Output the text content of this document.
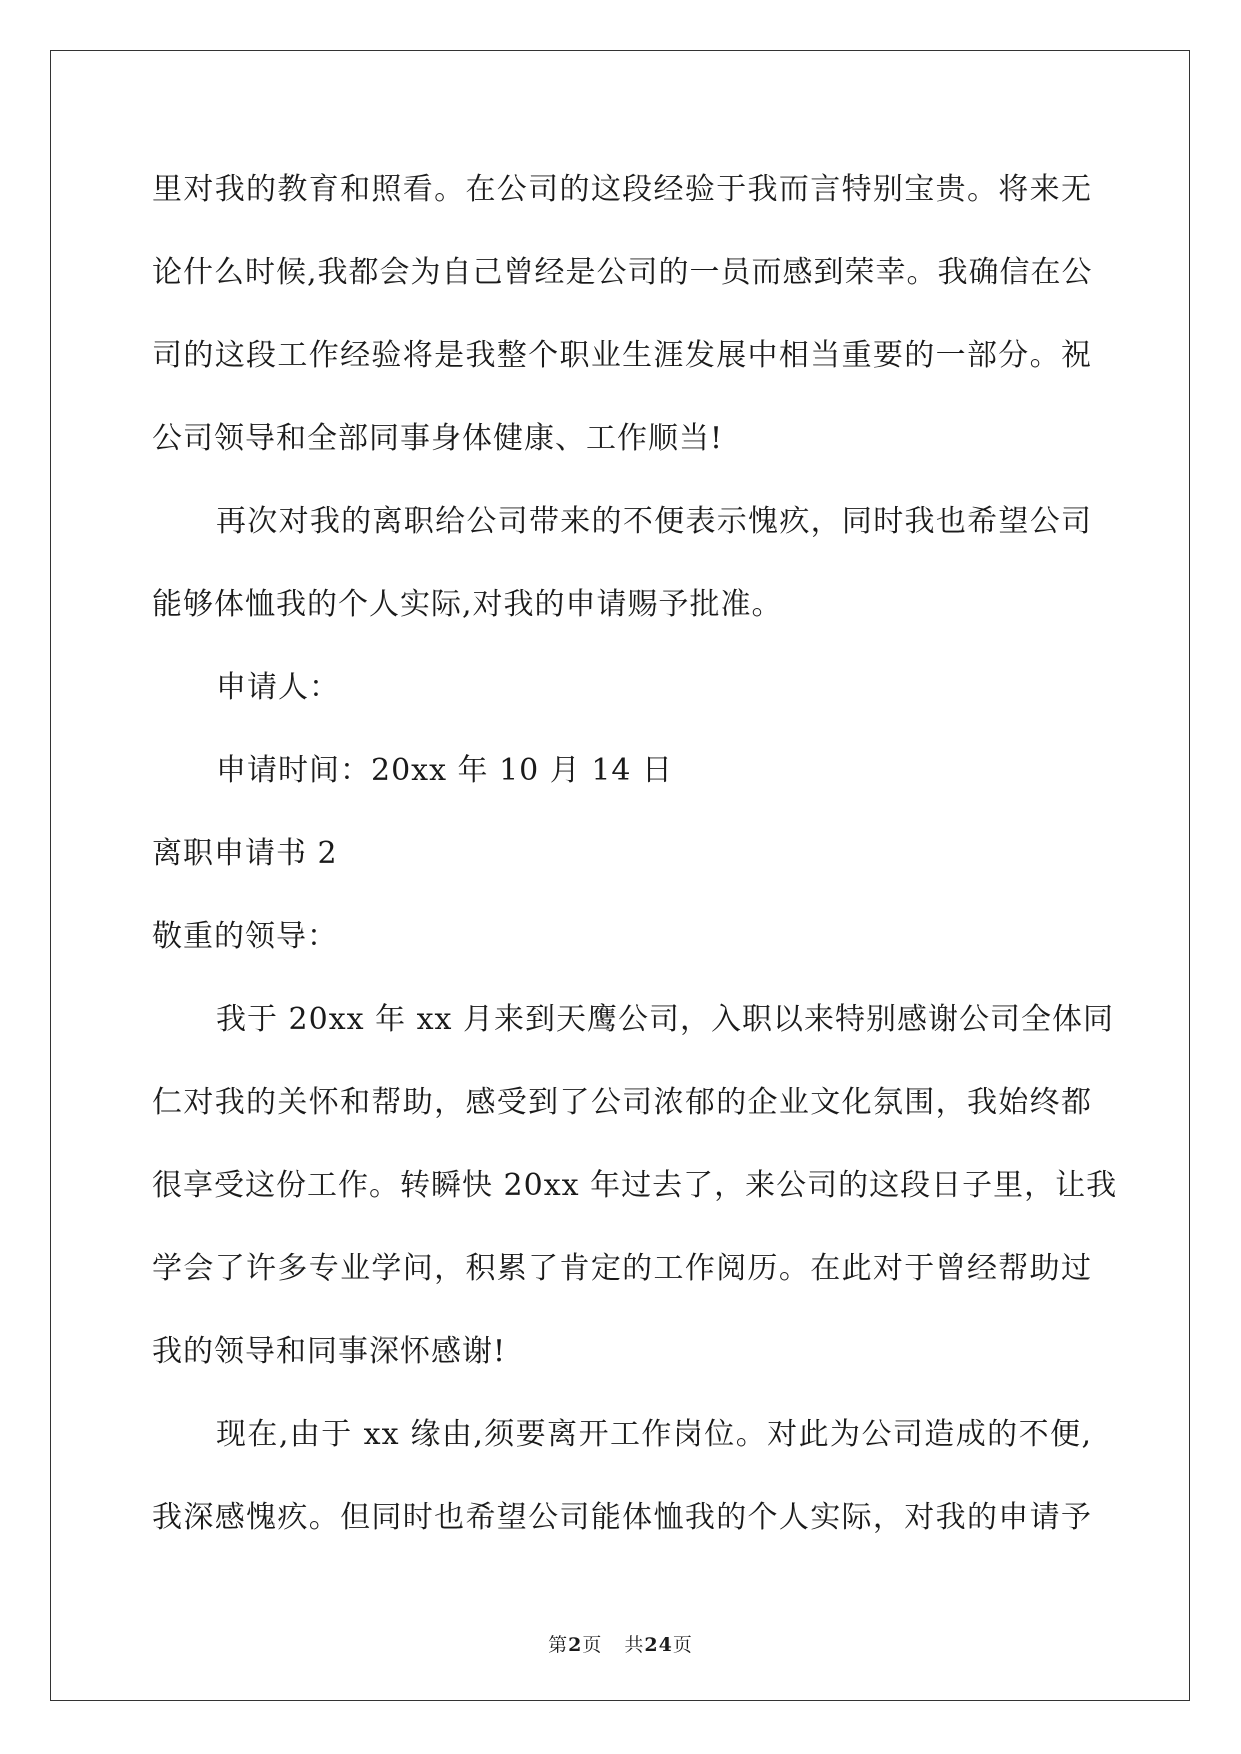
里对我的教育和照看。在公司的这段经验于我而言特别宝贵。将来无
论什么时候,我都会为自己曾经是公司的一员而感到荣幸。我确信在公
司的这段工作经验将是我整个职业生涯发展中相当重要的一部分。祝
公司领导和全部同事身体健康、工作顺当!
再次对我的离职给公司带来的不便表示愧疚，同时我也希望公司
能够体恤我的个人实际,对我的申请赐予批准。
申请人：
申请时间：20xx 年 10 月 14 日
离职申请书 2
敬重的领导：
我于 20xx 年 xx 月来到天鹰公司，入职以来特别感谢公司全体同
仁对我的关怀和帮助，感受到了公司浓郁的企业文化氛围，我始终都
很享受这份工作。转瞬快 20xx 年过去了，来公司的这段日子里，让我
学会了许多专业学问，积累了肯定的工作阅历。在此对于曾经帮助过
我的领导和同事深怀感谢!
现在,由于 xx 缘由,须要离开工作岗位。对此为公司造成的不便,
我深感愧疚。但同时也希望公司能体恤我的个人实际，对我的申请予
第2页 共24页
